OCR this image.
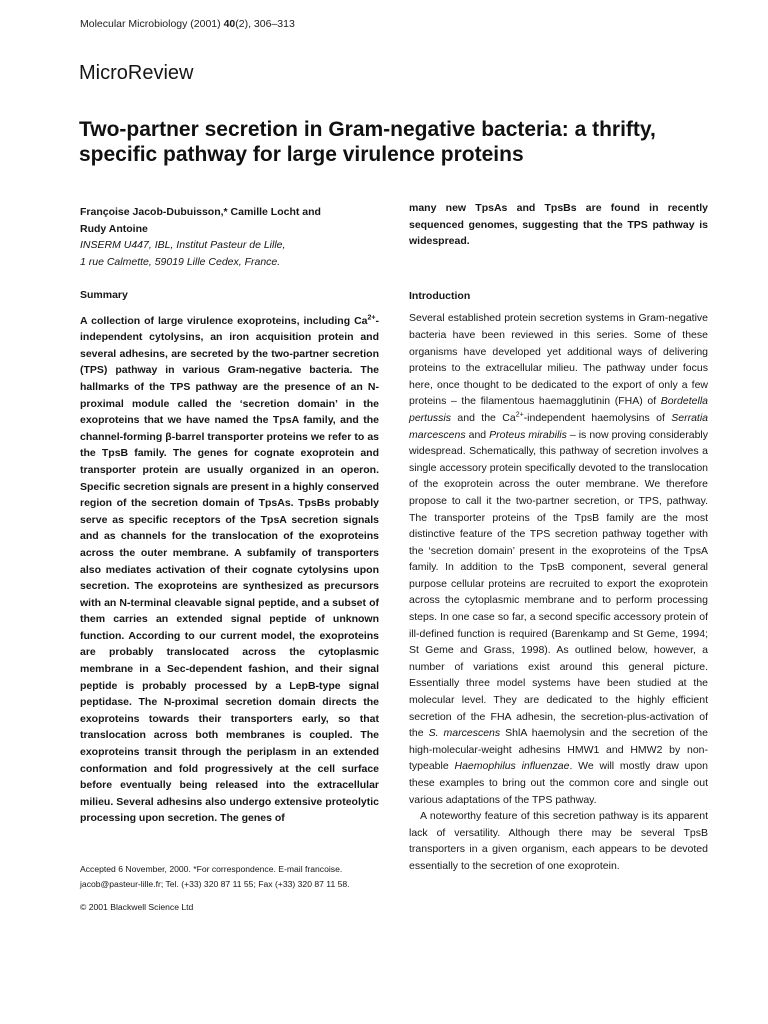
Molecular Microbiology (2001) 40(2), 306–313
MicroReview
Two-partner secretion in Gram-negative bacteria: a thrifty, specific pathway for large virulence proteins
Françoise Jacob-Dubuisson,* Camille Locht and
Rudy Antoine
INSERM U447, IBL, Institut Pasteur de Lille,
1 rue Calmette, 59019 Lille Cedex, France.

Summary

A collection of large virulence exoproteins, including $Ca^{2+}$-independent cytolysins, an iron acquisition protein and several adhesins, are secreted by the two-partner secretion (TPS) pathway in various Gram-negative bacteria. The hallmarks of the TPS pathway are the presence of an N-proximal module called the ‘secretion domain’ in the exoproteins that we have named the TpsA family, and the channel-forming β-barrel transporter proteins we refer to as the TpsB family. The genes for cognate exoprotein and transporter protein are usually organized in an operon. Specific secretion signals are present in a highly conserved region of the secretion domain of TpsAs. TpsBs probably serve as specific receptors of the TpsA secretion signals and as channels for the translocation of the exoproteins across the outer membrane. A subfamily of transporters also mediates activation of their cognate cytolysins upon secretion. The exoproteins are synthesized as precursors with an N-terminal cleavable signal peptide, and a subset of them carries an extended signal peptide of unknown function. According to our current model, the exoproteins are probably translocated across the cytoplasmic membrane in a Sec-dependent fashion, and their signal peptide is probably processed by a LepB-type signal peptidase. The N-proximal secretion domain directs the exoproteins towards their transporters early, so that translocation across both membranes is coupled. The exoproteins transit through the periplasm in an extended conformation and fold progressively at the cell surface before eventually being released into the extracellular milieu. Several adhesins also undergo extensive proteolytic processing upon secretion. The genes of

many new TpsAs and TpsBs are found in recently sequenced genomes, suggesting that the TPS pathway is widespread.

Introduction

Several established protein secretion systems in Gram-negative bacteria have been reviewed in this series. Some of these organisms have developed yet additional ways of delivering proteins to the extracellular milieu. The pathway under focus here, once thought to be dedicated to the export of only a few proteins – the filamentous haemagglutinin (FHA) of Bordetella pertussis and the $Ca^{2+}$-independent haemolysins of Serratia marcescens and Proteus mirabilis – is now proving considerably widespread. Schematically, this pathway of secretion involves a single accessory protein specifically devoted to the translocation of the exoprotein across the outer membrane. We therefore propose to call it the two-partner secretion, or TPS, pathway. The transporter proteins of the TpsB family are the most distinctive feature of the TPS secretion pathway together with the ‘secretion domain’ present in the exoproteins of the TpsA family. In addition to the TpsB component, several general purpose cellular proteins are recruited to export the exoprotein across the cytoplasmic membrane and to perform processing steps. In one case so far, a second specific accessory protein of ill-defined function is required (Barenkamp and St Geme, 1994; St Geme and Grass, 1998). As outlined below, however, a number of variations exist around this general picture. Essentially three model systems have been studied at the molecular level. They are dedicated to the highly efficient secretion of the FHA adhesin, the secretion-plus-activation of the S. marcescens ShlA haemolysin and the secretion of the high-molecular-weight adhesins HMW1 and HMW2 by non-typeable Haemophilus influenzae. We will mostly draw upon these examples to bring out the common core and single out various adaptations of the TPS pathway.

A noteworthy feature of this secretion pathway is its apparent lack of versatility. Although there may be several TpsB transporters in a given organism, each appears to be devoted essentially to the secretion of one exoprotein.

Accepted 6 November, 2000. *For correspondence. E-mail francoise.
jacob@pasteur-lille.fr; Tel. (+33) 320 87 11 55; Fax (+33) 320 87 11 58.
© 2001 Blackwell Science Ltd
